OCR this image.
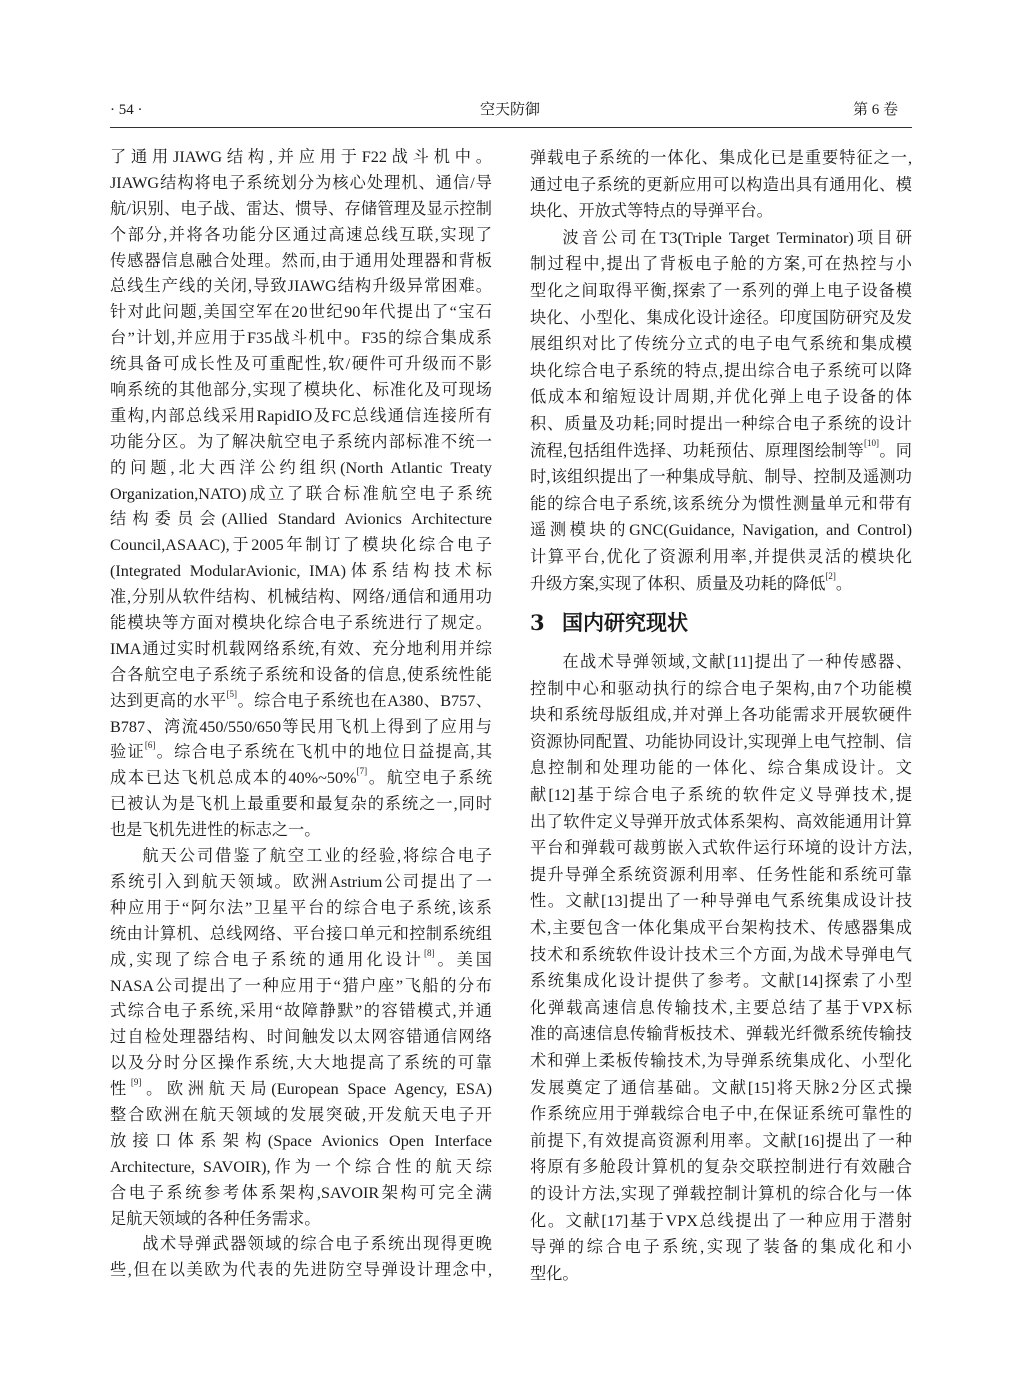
· 54 ·	空天防御	第 6 卷
了通用JIAWG结构,并应用于F22战斗机中。
JIAWG结构将电子系统划分为核心处理机、通信/导
航/识别、电子战、雷达、惯导、存储管理及显示控制
个部分,并将各功能分区通过高速总线互联,实现了
传感器信息融合处理。然而,由于通用处理器和背板
总线生产线的关闭,导致JIAWG结构升级异常困难。
针对此问题,美国空军在20世纪90年代提出了“宝石
台”计划,并应用于F35战斗机中。F35的综合集成系
统具备可成长性及可重配性,软/硬件可升级而不影
响系统的其他部分,实现了模块化、标准化及可现场
重构,内部总线采用RapidIO及FC总线通信连接所有
功能分区。为了解决航空电子系统内部标准不统一
的问题,北大西洋公约组织(North Atlantic Treaty
Organization,NATO)成立了联合标准航空电子系统
结构委员会(Allied Standard Avionics Architecture
Council,ASAAC),于2005年制订了模块化综合电子
(Integrated ModularAvionic, IMA)体系结构技术标
准,分别从软件结构、机械结构、网络/通信和通用功
能模块等方面对模块化综合电子系统进行了规定。
IMA通过实时机载网络系统,有效、充分地利用并综
合各航空电子系统子系统和设备的信息,使系统性能
达到更高的水平[5]。综合电子系统也在A380、B757、
B787、湾流450/550/650等民用飞机上得到了应用与
验证[6]。综合电子系统在飞机中的地位日益提高,其
成本已达飞机总成本的40%~50%[7]。航空电子系统
已被认为是飞机上最重要和最复杂的系统之一,同时
也是飞机先进性的标志之一。
航天公司借鉴了航空工业的经验,将综合电子
系统引入到航天领域。欧洲Astrium公司提出了一
种应用于“阿尔法”卫星平台的综合电子系统,该系
统由计算机、总线网络、平台接口单元和控制系统组
成,实现了综合电子系统的通用化设计[8]。美国
NASA公司提出了一种应用于“猎户座”飞船的分布
式综合电子系统,采用“故障静默”的容错模式,并通
过自检处理器结构、时间触发以太网容错通信网络
以及分时分区操作系统,大大地提高了系统的可靠
性[9]。欧洲航天局(European Space Agency, ESA)
整合欧洲在航天领域的发展突破,开发航天电子开
放接口体系架构(Space Avionics Open Interface
Architecture, SAVOIR),作为一个综合性的航天综
合电子系统参考体系架构,SAVOIR架构可完全满
足航天领域的各种任务需求。
战术导弹武器领域的综合电子系统出现得更晚
些,但在以美欧为代表的先进防空导弹设计理念中,
弹载电子系统的一体化、集成化已是重要特征之一,
通过电子系统的更新应用可以构造出具有通用化、模
块化、开放式等特点的导弹平台。
波音公司在T3(Triple Target Terminator)项目研
制过程中,提出了背板电子舱的方案,可在热控与小
型化之间取得平衡,探索了一系列的弹上电子设备模
块化、小型化、集成化设计途径。印度国防研究及发
展组织对比了传统分立式的电子电气系统和集成模
块化综合电子系统的特点,提出综合电子系统可以降
低成本和缩短设计周期,并优化弹上电子设备的体
积、质量及功耗;同时提出一种综合电子系统的设计
流程,包括组件选择、功耗预估、原理图绘制等[10]。同
时,该组织提出了一种集成导航、制导、控制及遥测功
能的综合电子系统,该系统分为惯性测量单元和带有
遥测模块的GNC(Guidance, Navigation, and Control)
计算平台,优化了资源利用率,并提供灵活的模块化
升级方案,实现了体积、质量及功耗的降低[2]。
3 国内研究现状
在战术导弹领域,文献[11]提出了一种传感器、
控制中心和驱动执行的综合电子架构,由7个功能模
块和系统母版组成,并对弹上各功能需求开展软硬件
资源协同配置、功能协同设计,实现弹上电气控制、信
息控制和处理功能的一体化、综合集成设计。文
献[12]基于综合电子系统的软件定义导弹技术,提
出了软件定义导弹开放式体系架构、高效能通用计算
平台和弹载可裁剪嵌入式软件运行环境的设计方法,
提升导弹全系统资源利用率、任务性能和系统可靠
性。文献[13]提出了一种导弹电气系统集成设计技
术,主要包含一体化集成平台架构技术、传感器集成
技术和系统软件设计技术三个方面,为战术导弹电气
系统集成化设计提供了参考。文献[14]探索了小型
化弹载高速信息传输技术,主要总结了基于VPX标
准的高速信息传输背板技术、弹载光纤微系统传输技
术和弹上柔板传输技术,为导弹系统集成化、小型化
发展奠定了通信基础。文献[15]将天脉2分区式操
作系统应用于弹载综合电子中,在保证系统可靠性的
前提下,有效提高资源利用率。文献[16]提出了一种
将原有多舱段计算机的复杂交联控制进行有效融合
的设计方法,实现了弹载控制计算机的综合化与一体
化。文献[17]基于VPX总线提出了一种应用于潜射
导弹的综合电子系统,实现了装备的集成化和小
型化。
